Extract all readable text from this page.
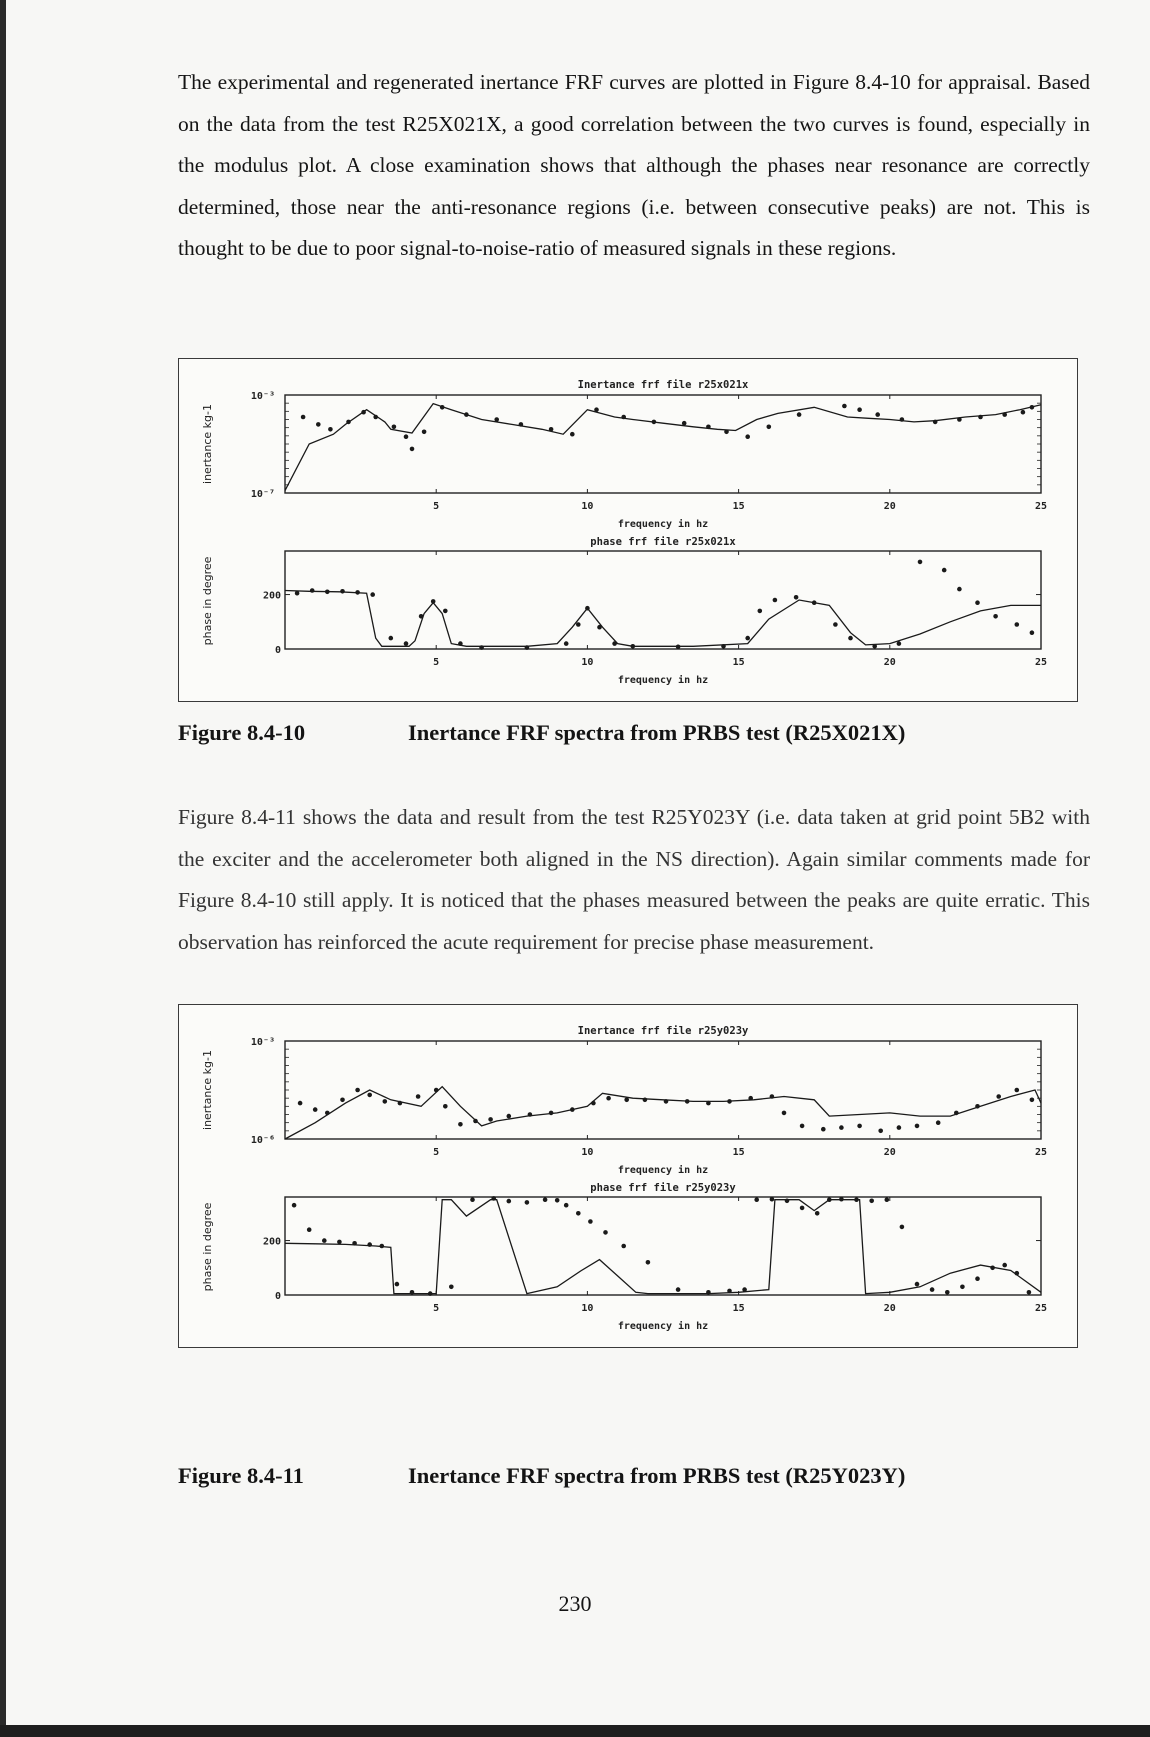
The experimental and regenerated inertance FRF curves are plotted in Figure 8.4-10 for appraisal. Based on the data from the test R25X021X, a good correlation between the two curves is found, especially in the modulus plot. A close examination shows that although the phases near resonance are correctly determined, those near the anti-resonance regions (i.e. between consecutive peaks) are not. This is thought to be due to poor signal-to-noise-ratio of measured signals in these regions.

5	10	15	20	25
10⁻³
10⁻⁷
Inertance frf file r25x021x
frequency in hz
inertance kg-1
5	10	15	20	25
0
200
phase frf file r25x021x
frequency in hz
phase in degree
Figure 8.4-10	Inertance FRF spectra from PRBS test (R25X021X)

Figure 8.4-11 shows the data and result from the test R25Y023Y (i.e. data taken at grid point 5B2 with the exciter and the accelerometer both aligned in the NS direction). Again similar comments made for Figure 8.4-10 still apply. It is noticed that the phases measured between the peaks are quite erratic. This observation has reinforced the acute requirement for precise phase measurement.

5	10	15	20	25
10⁻³
10⁻⁶
Inertance frf file r25y023y
frequency in hz
inertance kg-1
5	10	15	20	25
0
200
phase frf file r25y023y
frequency in hz
phase in degree
Figure 8.4-11	Inertance FRF spectra from PRBS test (R25Y023Y)
230
